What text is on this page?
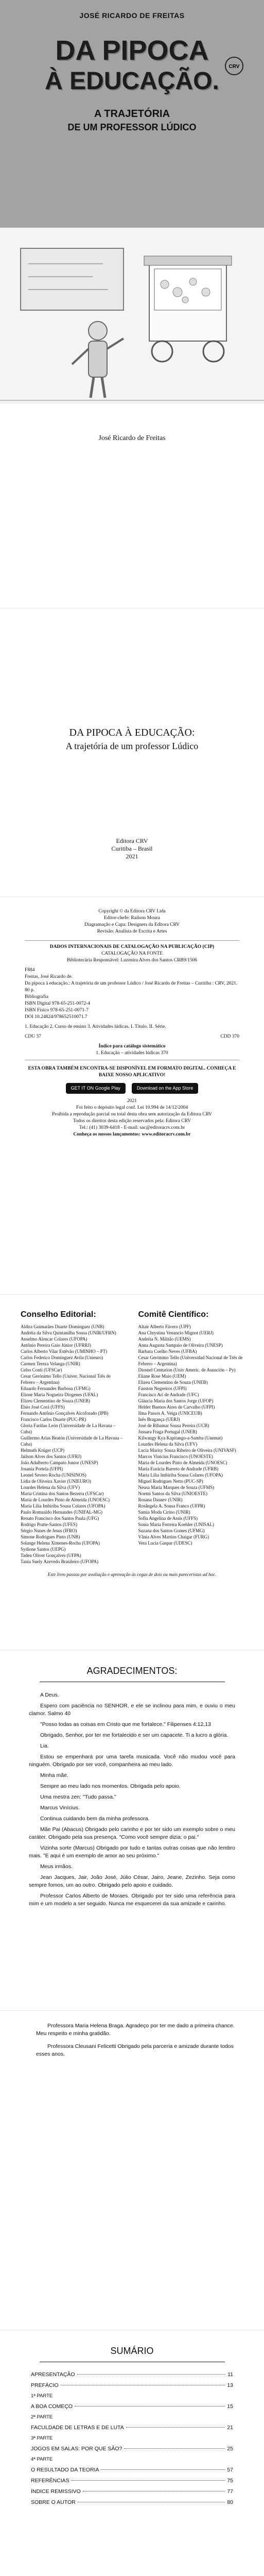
JOSÉ RICARDO DE FREITAS
DA PIPOCA
À EDUCAÇÃO.
A TRAJETÓRIA
DE UM PROFESSOR LÚDICO
CRV
José Ricardo de Freitas
DA PIPOCA À EDUCAÇÃO:
A trajetória de um professor Lúdico
Editora CRV
Curitiba – Brasil
2021

Copyright © da Editora CRV Ltda

Editor-chefe: Railson Moura

Diagramação e Capa: Designers da Editora CRV

Revisão: Analista de Escrita e Artes

DADOS INTERNACIONAIS DE CATALOGAÇÃO NA PUBLICAÇÃO (CIP)

CATALOGAÇÃO NA FONTE

Bibliotecária Responsável: Luzenira Alves dos Santos CRB9/1506

F884

Freitas, José Ricardo de.

Da pipoca à educação.: A trajetória de um professor Lúdico / José Ricardo de Freitas – Curitiba : CRV, 2021.

80 p.

Bibliografia

ISBN Digital 978-65-251-0072-4

ISBN Físico 978-65-251-0071-7

DOI 10.24824/978652510071.7

1. Educação 2. Curso de ensino 3. Atividades lúdicas. I. Título. II. Série.

CDU 37	CDD 370

Índice para catálogo sistemático

1. Educação – atividades lúdicas 370

ESTA OBRA TAMBÉM ENCONTRA-SE DISPONÍVEL EM FORMATO DIGITAL. CONHEÇA E BAIXE NOSSO APLICATIVO!

GET IT ON Google Play	Download on the App Store

2021

Foi feito o depósito legal conf. Lei 10.994 de 14/12/2004

Proibida a reprodução parcial ou total desta obra sem autorização da Editora CRV

Todos os direitos desta edição reservados pela: Editora CRV

Tel.: (41) 3039-6418 - E-mail: sac@editoracrv.com.br

Conheça os nossos lançamentos: www.editoracrv.com.br

Conselho Editorial:
Aldira Guimarães Duarte Domínguez (UNB)
Andréia da Silva Quintanilha Sousa (UNIR/UFRN)
Anselmo Alencar Colares (UFOPA)
Antônio Pereira Gaio Júnior (UFRRJ)
Carlos Alberto Vilar Estêvão (UMINHO – PT)
Carlos Federico Dominguez Avila (Unieuro)
Carmen Tereza Velanga (UNIR)
Celso Conti (UFSCar)
Cesar Gerónimo Tello (Univer. Nacional Três de Febrero – Argentina)
Eduardo Fernandes Barbosa (UFMG)
Elione Maria Nogueira Diogenes (UFAL)
Elizeu Clementino de Souza (UNEB)
Élsio José Corá (UFFS)
Fernando Antônio Gonçalves Alcoforado (IPB)
Francisco Carlos Duarte (PUC-PR)
Gloria Fariñas León (Universidade de La Havana – Cuba)
Guillermo Arias Beatón (Universidade de La Havana – Cuba)
Helmuth Krüger (UCP)
Jailson Alves dos Santos (UFRJ)
João Adalberto Campato Junior (UNESP)
Josania Portela (UFPI)
Leonel Severo Rocha (UNISINOS)
Lídia de Oliveira Xavier (UNIEURO)
Lourdes Helena da Silva (UFV)
Maria Cristina dos Santos Bezerra (UFSCar)
Maria de Lourdes Pinto de Almeida (UNOESC)
Maria Lília Imbiriba Sousa Colares (UFOPA)
Paulo Romualdo Hernandes (UNIFAL-MG)
Renato Francisco dos Santos Paula (UFG)
Rodrigo Pratte-Santos (UFES)
Sérgio Nunes de Jesus (IFRO)
Simone Rodrigues Pinto (UNB)
Solange Helena Ximenes-Rocha (UFOPA)
Sydione Santos (UEPG)
Tadeu Oliver Gonçalves (UFPA)
Tania Suely Azevedo Brasileiro (UFOPA)
Comitê Científico:
Altair Alberto Fávero (UPF)
Ana Chrystina Venancio Mignot (UERJ)
Andréia N. Militão (UEMS)
Anna Augusta Sampaio de Oliveira (UNESP)
Barbara Coelho Neves (UFBA)
Cesar Gerónimo Tello (Universidad Nacional de Três de Febrero – Argentina)
Diosnel Centurion (Univ Americ. de Asunción – Py)
Eliane Rose Maio (UEM)
Elizeu Clementino de Souza (UNEB)
Fauston Negreiros (UFPI)
Francisco Ari de Andrade (UFC)
Gláucia Maria dos Santos Jorge (UFOP)
Helder Buenos Aires de Carvalho (UFPI)
Ilma Passos A. Veiga (UNICEUB)
Inês Bragança (UERJ)
José de Ribamar Sousa Pereira (UCB)
Jussara Fraga Portugal (UNEB)
Kilwangy Kya Kapitango-a-Samba (Unemat)
Lourdes Helena da Silva (UFV)
Lucia Marisy Souza Ribeiro de Oliveira (UNIVASF)
Marcos Vinicius Francisco (UNOESTE)
Maria de Lourdes Pinto de Almeida (UNOESC)
Maria Eurácia Barreto de Andrade (UFRB)
Maria Lília Imbiriba Sousa Colares (UFOPA)
Miguel Rodrigues Netto (PUC-SP)
Neusa Maria Marques de Souza (UFMS)
Noemi Santos da Silva (UNIOESTE)
Rosana Dasnev (UNIR)
Rosângela A. Sousa Franco (UFPR)
Samia Moda Cirino (UNIR)
Sofia Angelina de Assis (UFFS)
Sonia Maria Ferreira Koehler (UNISAL)
Suzana dos Santos Gomes (UFMG)
Vânia Alves Martins Chaigar (FURG)
Vera Lucia Gaspar (UDESC)
Este livro passou por avaliação e aprovação às cegas de dois ou mais pareceristas ad hoc.
AGRADECIMENTOS:

A Deus.

Espero com paciência no SENHOR, e ele se inclinou para mim, e ouviu o meu clamor. Salmo 40

"Posso todas as coisas em Cristo que me fortalece." Filipenses 4:12,13

Obrigado, Senhor, por ter me fortalecido e ser um capacete. Ti a lucro a glória.

Lia.

Estou se empenhará por uma tarefa musicada. Você não mudou você para ninguém. Obrigado por ser você, companheira ao meu lado.

Minha mãe.

Sempre ao meu lado nos momentos. Obrigada pelo apoio.

Uma mestra zen: "Tudo passa."

Marcus Vinícius.

Continua cuidando bem da minha professora.

Mãe Pai (Abacus) Obrigado pelo carinho e por ter sido um exemplo sobre o meu caráter. Obrigado pela sua presença. "Como você sempre dizia: o pai."

Vizinha sorte (Marcus) Obrigado por tudo e tantas outras coisas que não lembro mais. "E aqui é um exemplo de amor ao seu próximo."

Meus irmãos.

Jean Jacques, Jair, João José, Júlio César, Jairo, Jeane, Zezinho. Seja como sempre fomos, um ao outro. Obrigado pelo apoio e cuidado.

Professor Carlos Alberto de Moraes. Obrigado por ter sido uma referência para mim e um modelo a ser seguido. Nunca me esquecerei da sua amizade e carinho.

Professora Maria Helena Braga. Agradeço por ter me dado a primeira chance. Meu respeito e minha gratidão.

Professora Cleusani Felicetti Obrigado pela parceria e amizade durante todos esses anos.

SUMÁRIO
APRESENTAÇÃO	11
PREFÁCIO	13
1ª PARTE
A BOA COMEÇO	15
2ª PARTE
FACULDADE DE LETRAS E DE LUTA	21
3ª PARTE
JOGOS EM SALAS: POR QUE SÃO?	25
4ª PARTE
O RESULTADO DA TEORIA	57
REFERÊNCIAS	75
ÍNDICE REMISSIVO	77
SOBRE O AUTOR	80
